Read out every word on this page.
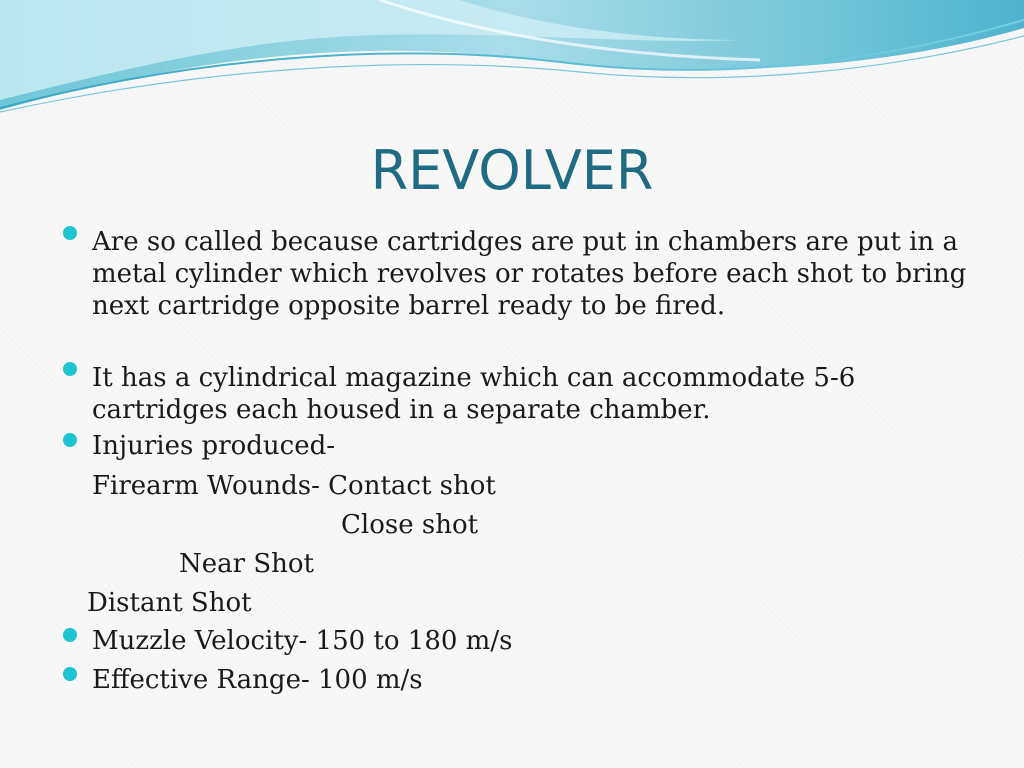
REVOLVER
Are so called because cartridges are put in chambers are put in a metal cylinder which revolves or rotates before each shot to bring next cartridge opposite barrel ready to be fired.
It has a cylindrical magazine which can accommodate 5-6 cartridges each housed in a separate chamber.
Injuries produced-
Firearm Wounds- Contact shot
Close shot
Near Shot
Distant Shot
Muzzle Velocity- 150 to 180 m/s
Effective Range- 100 m/s
